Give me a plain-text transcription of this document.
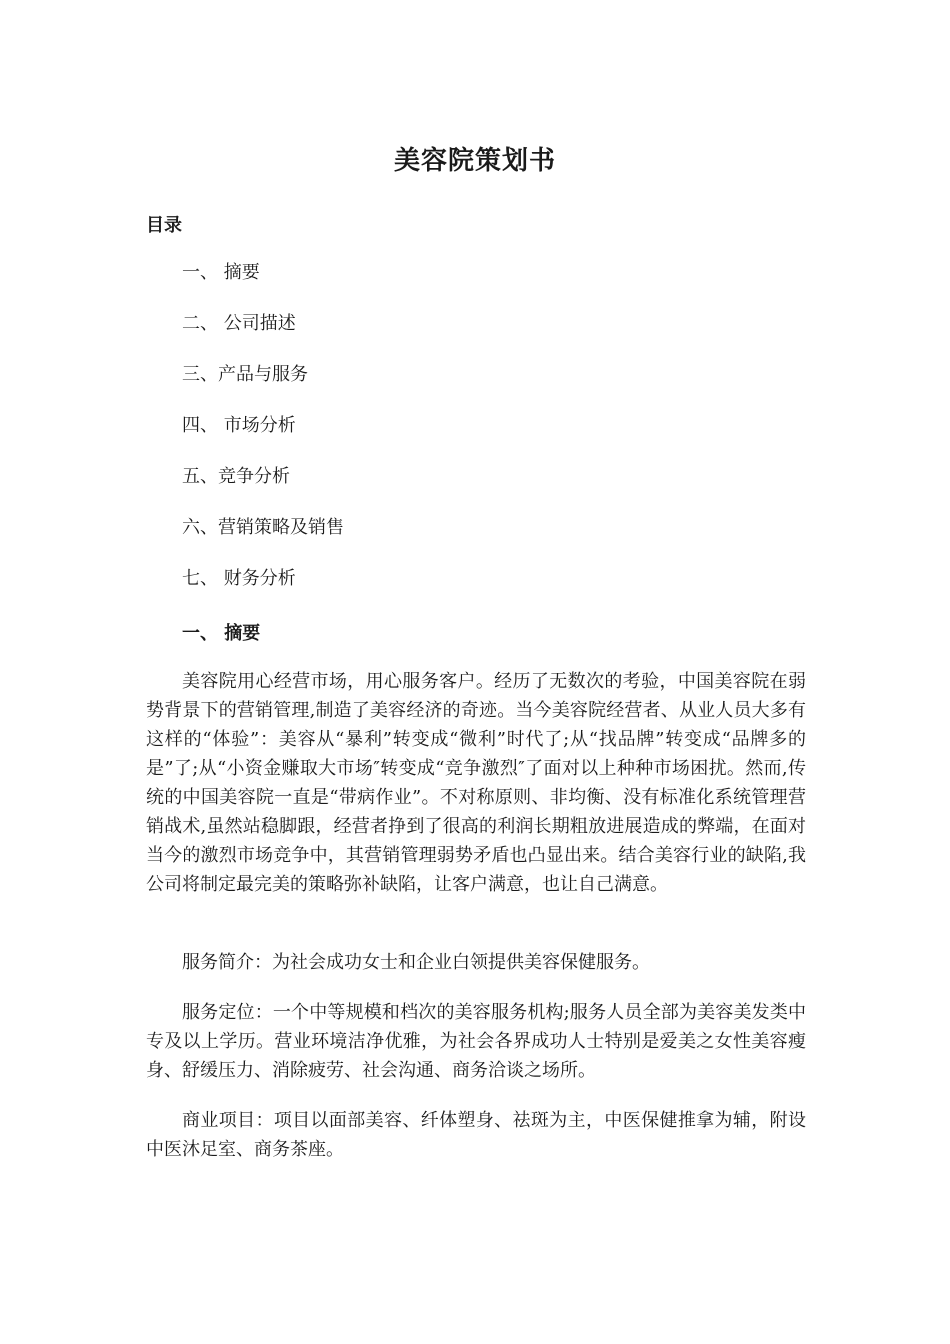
美容院策划书
目录
一、 摘要
二、 公司描述
三、产品与服务
四、 市场分析
五、竞争分析
六、营销策略及销售
七、 财务分析
一、 摘要

美容院用心经营市场，用心服务客户。经历了无数次的考验，中国美容院在弱势背景下的营销管理,制造了美容经济的奇迹。当今美容院经营者、从业人员大多有这样的“体验”：美容从“暴利”转变成“微利”时代了;从“找品牌”转变成“品牌多的是”了;从“小资金赚取大市场″转变成“竞争激烈″了面对以上种种市场困扰。然而,传统的中国美容院一直是“带病作业”。不对称原则、非均衡、没有标准化系统管理营销战术,虽然站稳脚跟，经营者挣到了很高的利润长期粗放进展造成的弊端，在面对当今的激烈市场竞争中，其营销管理弱势矛盾也凸显出来。结合美容行业的缺陷,我公司将制定最完美的策略弥补缺陷，让客户满意，也让自己满意。

服务简介：为社会成功女士和企业白领提供美容保健服务。

服务定位：一个中等规模和档次的美容服务机构;服务人员全部为美容美发类中专及以上学历。营业环境洁净优雅，为社会各界成功人士特别是爱美之女性美容瘦身、舒缓压力、消除疲劳、社会沟通、商务洽谈之场所。

商业项目：项目以面部美容、纤体塑身、祛斑为主，中医保健推拿为辅，附设中医沐足室、商务茶座。
